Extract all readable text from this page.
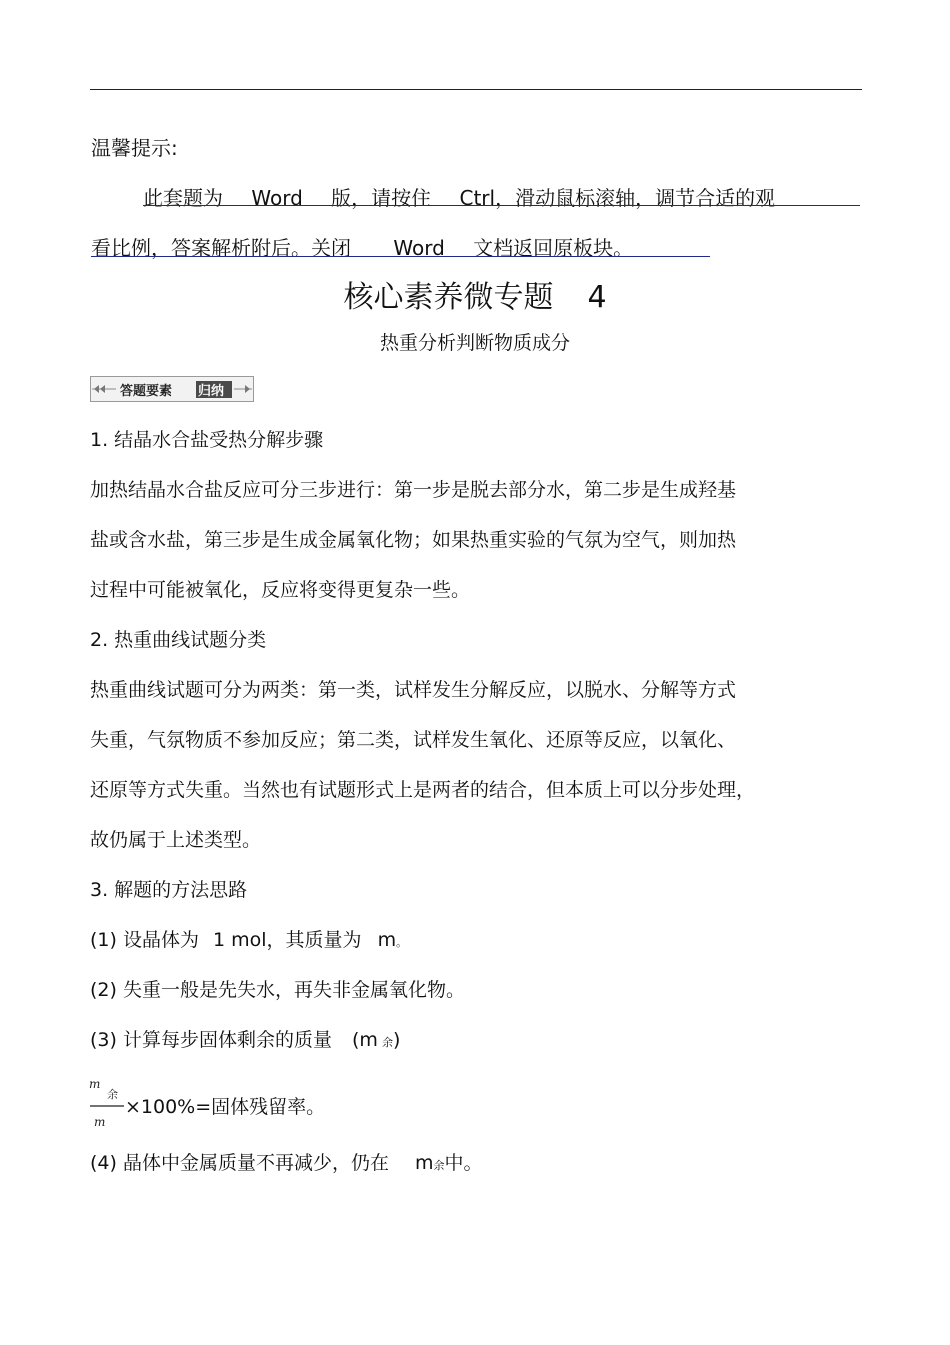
温馨提示:
此套题为 Word 版，请按住 Ctrl，滑动鼠标滚轴，调节合适的观
看比例，答案解析附后。关闭 Word 文档返回原板块。
核心素养微专题 4
热重分析判断物质成分
答题要素 归纳
1. 结晶水合盐受热分解步骤
加热结晶水合盐反应可分三步进行：第一步是脱去部分水，第二步是生成羟基
盐或含水盐，第三步是生成金属氧化物；如果热重实验的气氛为空气，则加热
过程中可能被氧化，反应将变得更复杂一些。
2. 热重曲线试题分类
热重曲线试题可分为两类：第一类，试样发生分解反应，以脱水、分解等方式
失重，气氛物质不参加反应；第二类，试样发生氧化、还原等反应，以氧化、
还原等方式失重。当然也有试题形式上是两者的结合，但本质上可以分步处理，
故仍属于上述类型。
3. 解题的方法思路
(1) 设晶体为 1 mol，其质量为 m。
(2) 失重一般是先失水，再失非金属氧化物。
(3) 计算每步固体剩余的质量 (m 余)
m
余
m
×100%=固体残留率。
(4) 晶体中金属质量不再减少，仍在 m余中。
